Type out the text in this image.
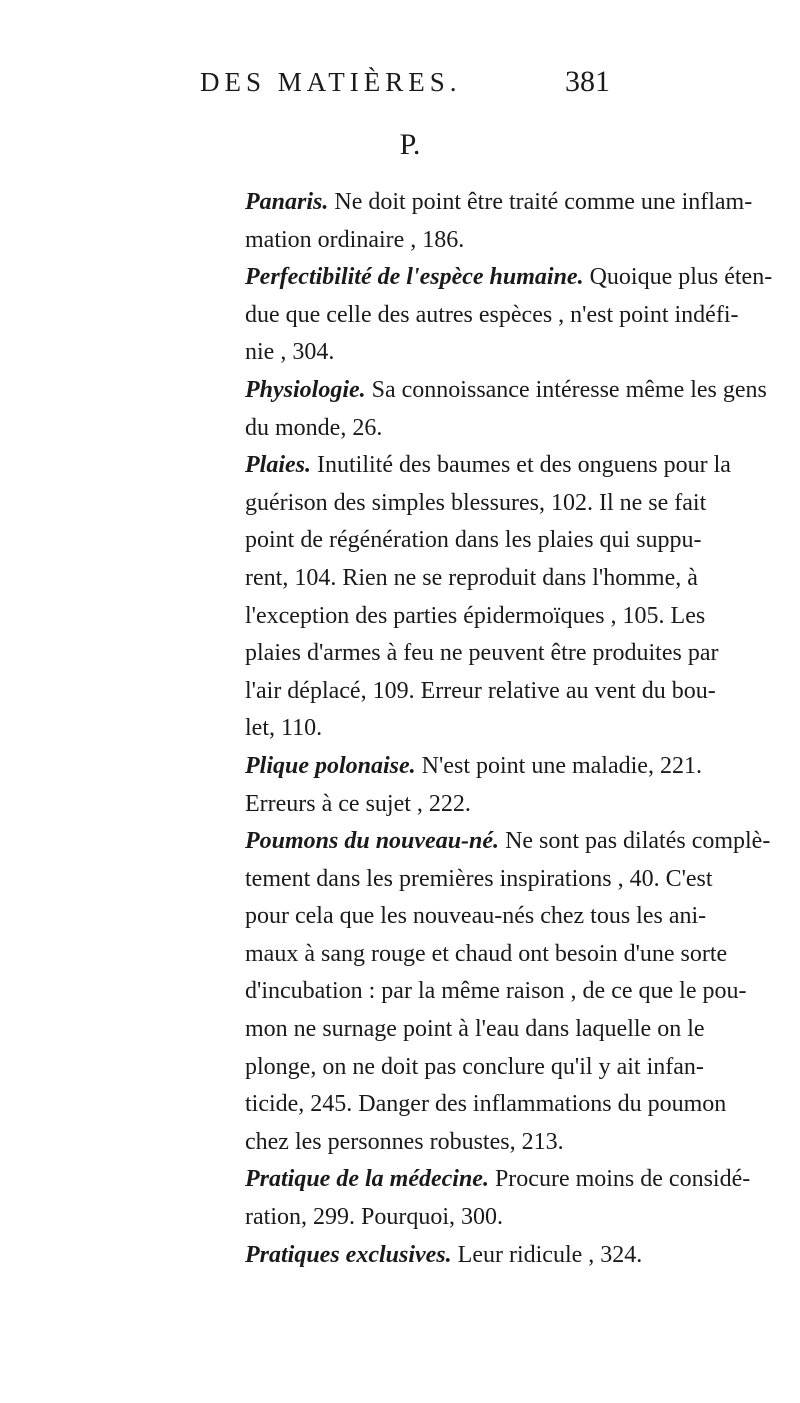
DES MATIÈRES.	381
P.

Panaris. Ne doit point être traité comme une inflam-
mation ordinaire , 186.

Perfectibilité de l'espèce humaine. Quoique plus éten-
due que celle des autres espèces , n'est point indéfi-
nie , 304.

Physiologie. Sa connoissance intéresse même les gens
du monde, 26.

Plaies. Inutilité des baumes et des onguens pour la
guérison des simples blessures, 102. Il ne se fait
point de régénération dans les plaies qui suppu-
rent, 104. Rien ne se reproduit dans l'homme, à
l'exception des parties épidermoïques , 105. Les
plaies d'armes à feu ne peuvent être produites par
l'air déplacé, 109. Erreur relative au vent du bou-
let, 110.

Plique polonaise. N'est point une maladie, 221.
Erreurs à ce sujet , 222.

Poumons du nouveau-né. Ne sont pas dilatés complè-
tement dans les premières inspirations , 40. C'est
pour cela que les nouveau-nés chez tous les ani-
maux à sang rouge et chaud ont besoin d'une sorte
d'incubation : par la même raison , de ce que le pou-
mon ne surnage point à l'eau dans laquelle on le
plonge, on ne doit pas conclure qu'il y ait infan-
ticide, 245. Danger des inflammations du poumon
chez les personnes robustes, 213.

Pratique de la médecine. Procure moins de considé-
ration, 299. Pourquoi, 300.

Pratiques exclusives. Leur ridicule , 324.
